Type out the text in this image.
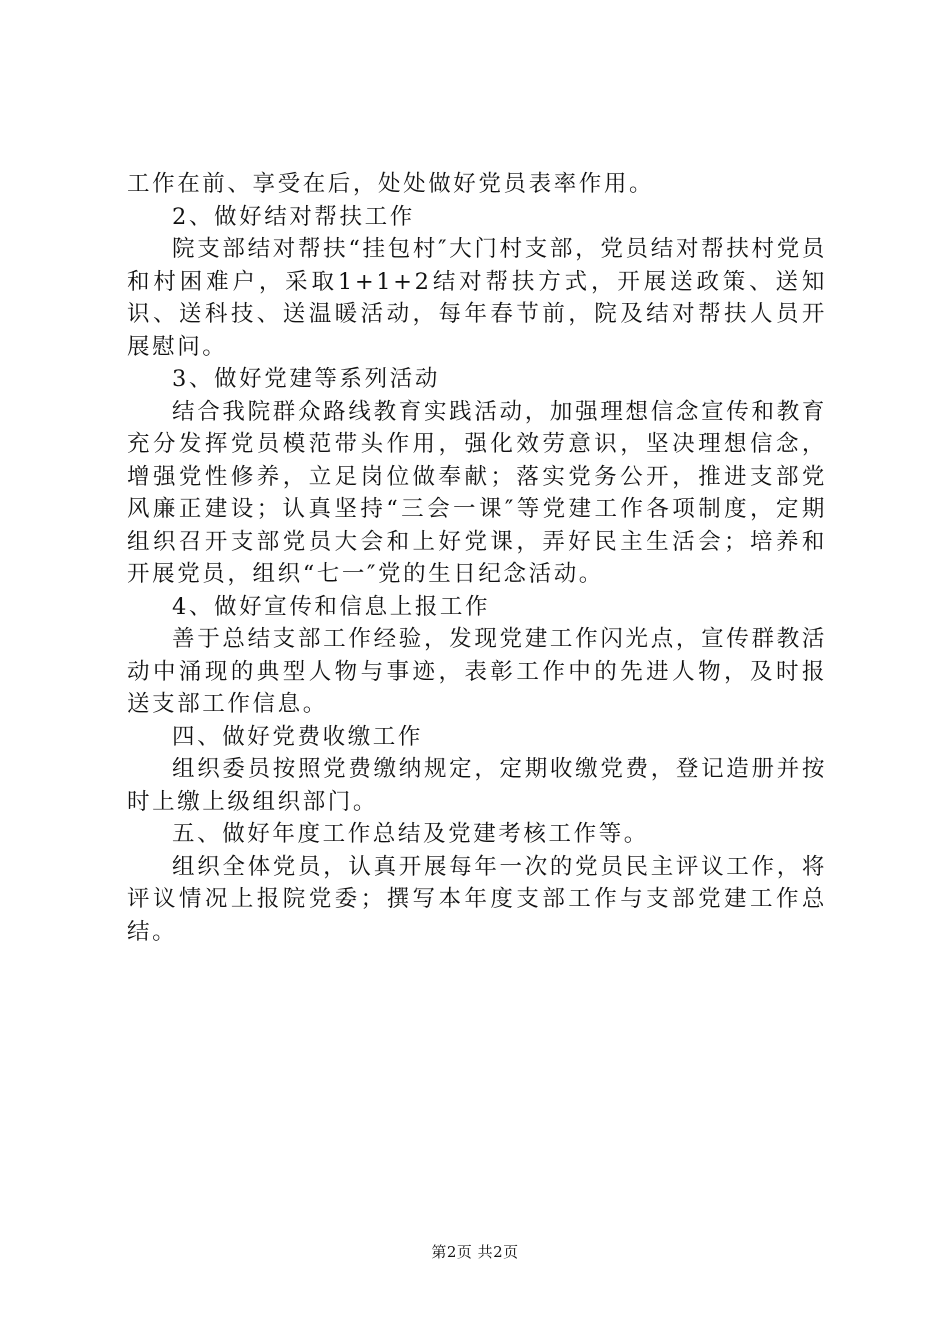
工作在前、享受在后，处处做好党员表率作用。

2、做好结对帮扶工作

院支部结对帮扶“挂包村″大门村支部，党员结对帮扶村党员和村困难户，采取1+1+2结对帮扶方式，开展送政策、送知识、送科技、送温暖活动，每年春节前，院及结对帮扶人员开展慰问。

3、做好党建等系列活动

结合我院群众路线教育实践活动，加强理想信念宣传和教育充分发挥党员模范带头作用，强化效劳意识，坚决理想信念，增强党性修养，立足岗位做奉献；落实党务公开，推进支部党风廉正建设；认真坚持“三会一课″等党建工作各项制度，定期组织召开支部党员大会和上好党课，弄好民主生活会；培养和开展党员，组织“七一″党的生日纪念活动。

4、做好宣传和信息上报工作

善于总结支部工作经验，发现党建工作闪光点，宣传群教活动中涌现的典型人物与事迹，表彰工作中的先进人物，及时报送支部工作信息。

四、做好党费收缴工作

组织委员按照党费缴纳规定，定期收缴党费，登记造册并按时上缴上级组织部门。

五、做好年度工作总结及党建考核工作等。

组织全体党员，认真开展每年一次的党员民主评议工作，将评议情况上报院党委；撰写本年度支部工作与支部党建工作总结。

第2页 共2页
